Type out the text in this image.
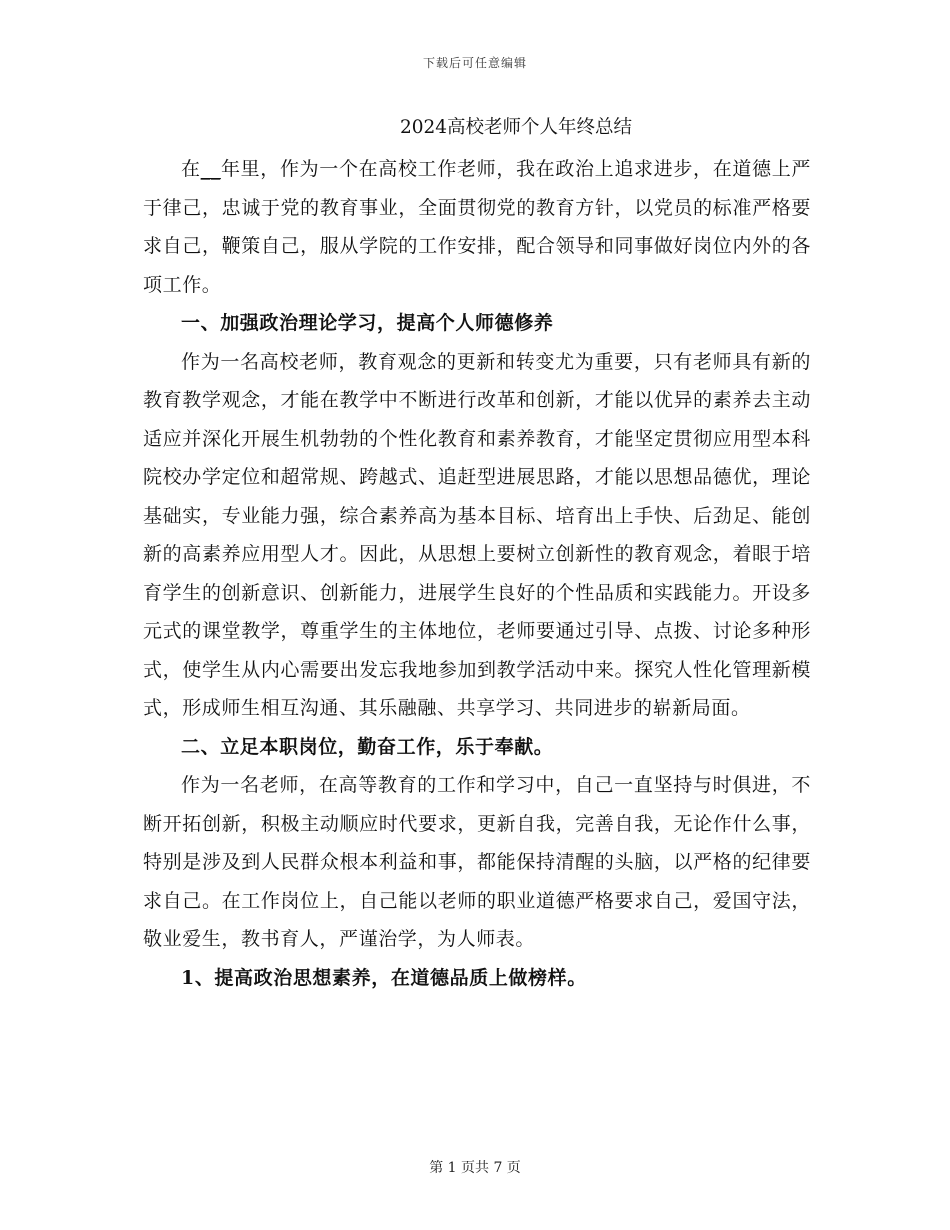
下载后可任意编辑
2024高校老师个人年终总结

在__年里，作为一个在高校工作老师，我在政治上追求进步，在道德上严于律己，忠诚于党的教育事业，全面贯彻党的教育方针，以党员的标准严格要求自己，鞭策自己，服从学院的工作安排，配合领导和同事做好岗位内外的各项工作。

一、加强政治理论学习，提高个人师德修养

作为一名高校老师，教育观念的更新和转变尤为重要，只有老师具有新的教育教学观念，才能在教学中不断进行改革和创新，才能以优异的素养去主动适应并深化开展生机勃勃的个性化教育和素养教育，才能坚定贯彻应用型本科院校办学定位和超常规、跨越式、追赶型进展思路，才能以思想品德优，理论基础实，专业能力强，综合素养高为基本目标、培育出上手快、后劲足、能创新的高素养应用型人才。因此，从思想上要树立创新性的教育观念，着眼于培育学生的创新意识、创新能力，进展学生良好的个性品质和实践能力。开设多元式的课堂教学，尊重学生的主体地位，老师要通过引导、点拨、讨论多种形式，使学生从内心需要出发忘我地参加到教学活动中来。探究人性化管理新模式，形成师生相互沟通、其乐融融、共享学习、共同进步的崭新局面。

二、立足本职岗位，勤奋工作，乐于奉献。

作为一名老师，在高等教育的工作和学习中，自己一直坚持与时俱进，不断开拓创新，积极主动顺应时代要求，更新自我，完善自我，无论作什么事，特别是涉及到人民群众根本利益和事，都能保持清醒的头脑，以严格的纪律要求自己。在工作岗位上，自己能以老师的职业道德严格要求自己，爱国守法，敬业爱生，教书育人，严谨治学，为人师表。

1、提高政治思想素养，在道德品质上做榜样。

第 1 页共 7 页
